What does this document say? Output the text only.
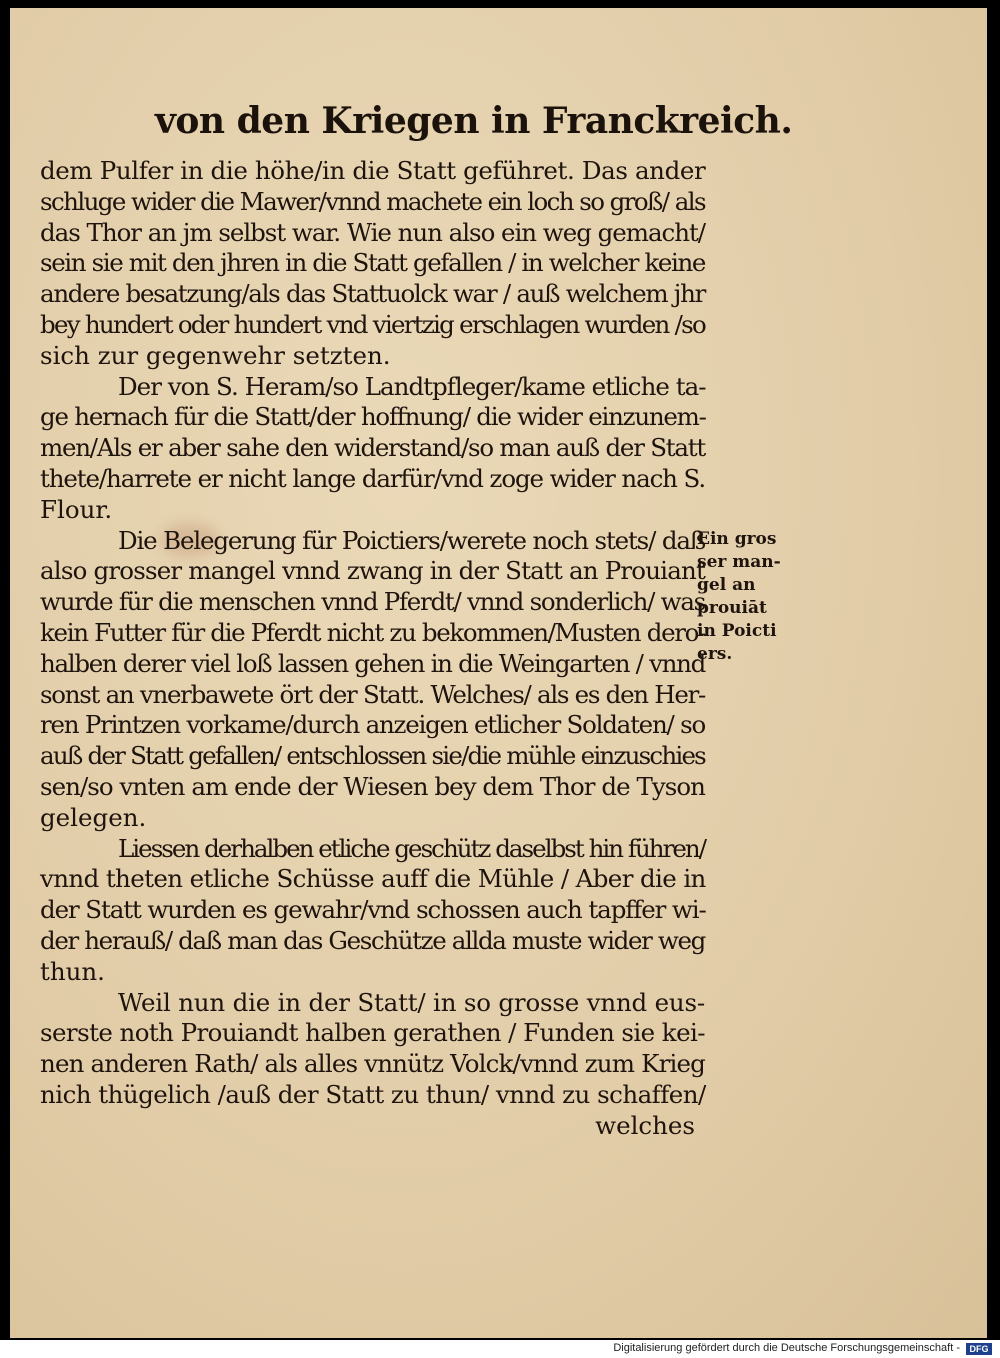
von den Kriegen in Franckreich.
dem Pulfer in die höhe/in die Statt geführet. Das ander
schluge wider die Mawer/vnnd machete ein loch so groß/ als
das Thor an jm selbst war. Wie nun also ein weg gemacht/
sein sie mit den jhren in die Statt gefallen / in welcher keine
andere besatzung/als das Stattuolck war / auß welchem jhr
bey hundert oder hundert vnd viertzig erschlagen wurden /so
sich zur gegenwehr setzten.
Der von S. Heram/so Landtpfleger/kame etliche ta-
ge hernach für die Statt/der hoffnung/ die wider einzunem-
men/Als er aber sahe den widerstand/so man auß der Statt
thete/harrete er nicht lange darfür/vnd zoge wider nach S.
Flour.
Die Belegerung für Poictiers/werete noch stets/ daß
also grosser mangel vnnd zwang in der Statt an Prouiant
wurde für die menschen vnnd Pferdt/ vnnd sonderlich/ was
kein Futter für die Pferdt nicht zu bekommen/Musten dero-
halben derer viel loß lassen gehen in die Weingarten / vnnd
sonst an vnerbawete ört der Statt. Welches/ als es den Her-
ren Printzen vorkame/durch anzeigen etlicher Soldaten/ so
auß der Statt gefallen/ entschlossen sie/die mühle einzuschies
sen/so vnten am ende der Wiesen bey dem Thor de Tyson
gelegen.
Liessen derhalben etliche geschütz daselbst hin führen/
vnnd theten etliche Schüsse auff die Mühle / Aber die in
der Statt wurden es gewahr/vnd schossen auch tapffer wi-
der herauß/ daß man das Geschütze allda muste wider weg
thun.
Weil nun die in der Statt/ in so grosse vnnd eus-
serste noth Prouiandt halben gerathen / Funden sie kei-
nen anderen Rath/ als alles vnnütz Volck/vnnd zum Krieg
nich thügelich /auß der Statt zu thun/ vnnd zu schaffen/
welches
Ein gros
ser man-
gel an
prouiāt
in Poicti
ers.
Digitalisierung gefördert durch die Deutsche Forschungsgemeinschaft -	DFG
